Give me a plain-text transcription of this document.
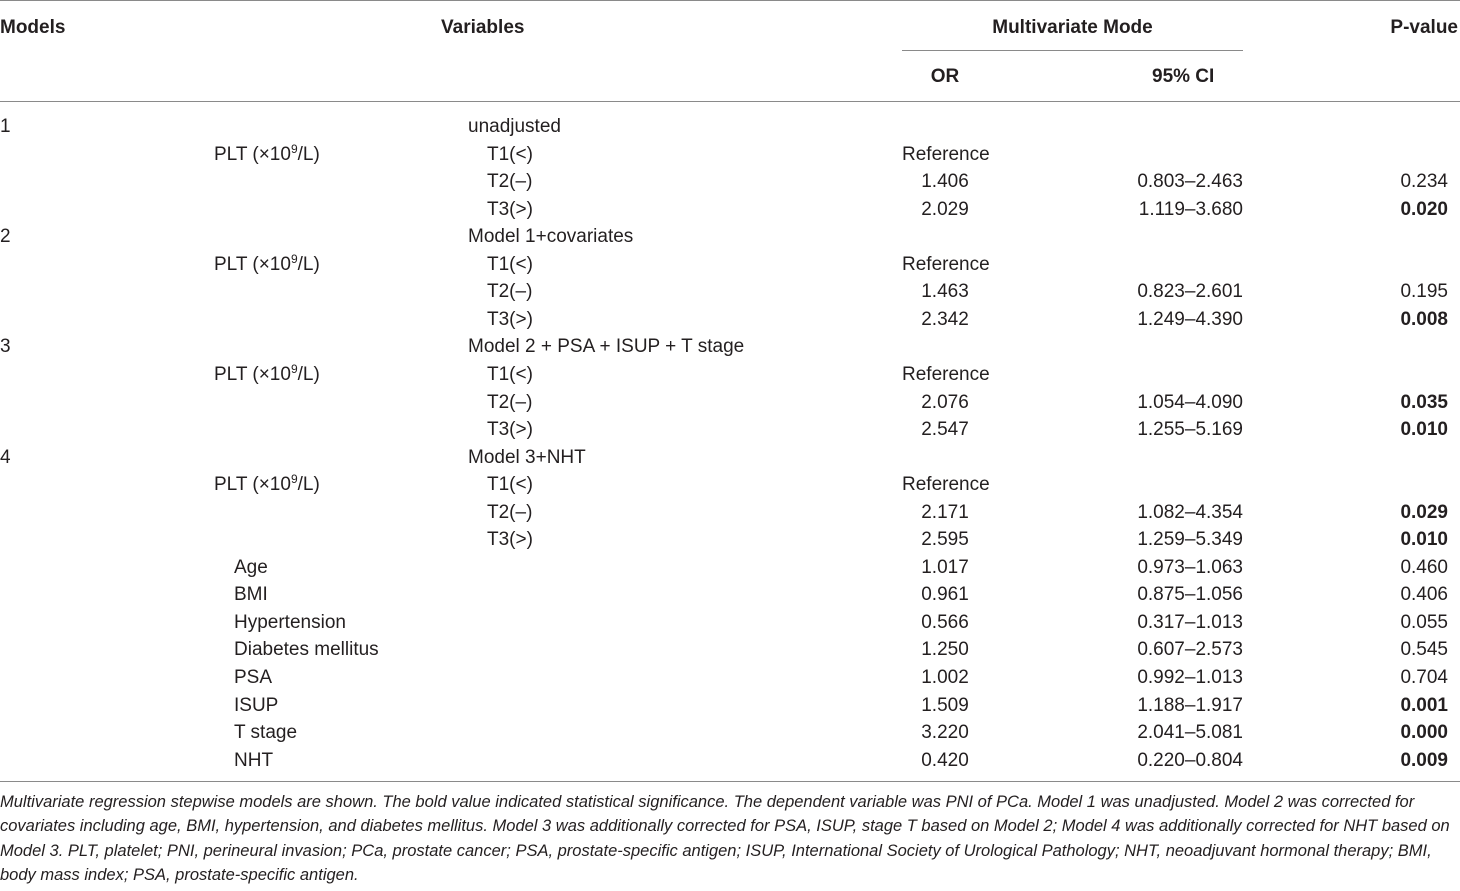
Models	Variables	Multivariate Mode	P-value
OR	95% CI
1	unadjusted
PLT $(\times 10^9/L)$	T1(<)	Reference
T2(–)	1.406	0.803–2.463	0.234
T3(>)	2.029	1.119–3.680	0.020
2	Model 1+covariates
PLT $(\times 10^9/L)$	T1(<)	Reference
T2(–)	1.463	0.823–2.601	0.195
T3(>)	2.342	1.249–4.390	0.008
3	Model 2 + PSA + ISUP + T stage
PLT $(\times 10^9/L)$	T1(<)	Reference
T2(–)	2.076	1.054–4.090	0.035
T3(>)	2.547	1.255–5.169	0.010
4	Model 3+NHT
PLT $(\times 10^9/L)$	T1(<)	Reference
T2(–)	2.171	1.082–4.354	0.029
T3(>)	2.595	1.259–5.349	0.010
Age	1.017	0.973–1.063	0.460
BMI	0.961	0.875–1.056	0.406
Hypertension	0.566	0.317–1.013	0.055
Diabetes mellitus	1.250	0.607–2.573	0.545
PSA	1.002	0.992–1.013	0.704
ISUP	1.509	1.188–1.917	0.001
T stage	3.220	2.041–5.081	0.000
NHT	0.420	0.220–0.804	0.009
Multivariate regression stepwise models are shown. The bold value indicated statistical significance. The dependent variable was PNI of PCa. Model 1 was unadjusted. Model 2 was corrected for covariates including age, BMI, hypertension, and diabetes mellitus. Model 3 was additionally corrected for PSA, ISUP, stage T based on Model 2; Model 4 was additionally corrected for NHT based on Model 3. PLT, platelet; PNI, perineural invasion; PCa, prostate cancer; PSA, prostate-specific antigen; ISUP, International Society of Urological Pathology; NHT, neoadjuvant hormonal therapy; BMI, body mass index; PSA, prostate-specific antigen.
